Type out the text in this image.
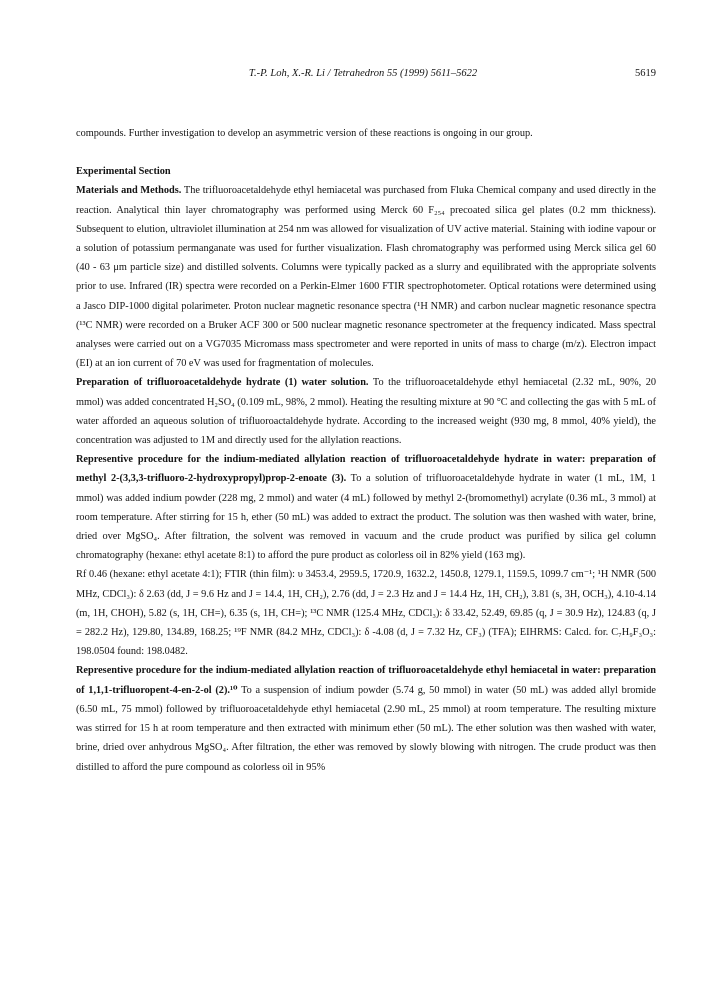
T.-P. Loh, X.-R. Li / Tetrahedron 55 (1999) 5611–5622	5619

compounds. Further investigation to develop an asymmetric version of these reactions is ongoing in our group.

Experimental Section

Materials and Methods. The trifluoroacetaldehyde ethyl hemiacetal was purchased from Fluka Chemical company and used directly in the reaction. Analytical thin layer chromatography was performed using Merck 60 F₂₅₄ precoated silica gel plates (0.2 mm thickness). Subsequent to elution, ultraviolet illumination at 254 nm was allowed for visualization of UV active material. Staining with iodine vapour or a solution of potassium permanganate was used for further visualization. Flash chromatography was performed using Merck silica gel 60 (40 - 63 μm particle size) and distilled solvents. Columns were typically packed as a slurry and equilibrated with the appropriate solvents prior to use. Infrared (IR) spectra were recorded on a Perkin-Elmer 1600 FTIR spectrophotometer. Optical rotations were determined using a Jasco DIP-1000 digital polarimeter. Proton nuclear magnetic resonance spectra (¹H NMR) and carbon nuclear magnetic resonance spectra (¹³C NMR) were recorded on a Bruker ACF 300 or 500 nuclear magnetic resonance spectrometer at the frequency indicated. Mass spectral analyses were carried out on a VG7035 Micromass mass spectrometer and were reported in units of mass to charge (m/z). Electron impact (EI) at an ion current of 70 eV was used for fragmentation of molecules.

Preparation of trifluoroacetaldehyde hydrate (1) water solution. To the trifluoroacetaldehyde ethyl hemiacetal (2.32 mL, 90%, 20 mmol) was added concentrated H₂SO₄ (0.109 mL, 98%, 2 mmol). Heating the resulting mixture at 90 °C and collecting the gas with 5 mL of water afforded an aqueous solution of trifluoroactaldehyde hydrate. According to the increased weight (930 mg, 8 mmol, 40% yield), the concentration was adjusted to 1M and directly used for the allylation reactions.

Representive procedure for the indium-mediated allylation reaction of trifluoroacetaldehyde hydrate in water: preparation of methyl 2-(3,3,3-trifluoro-2-hydroxypropyl)prop-2-enoate (3). To a solution of trifluoroacetaldehyde hydrate in water (1 mL, 1M, 1 mmol) was added indium powder (228 mg, 2 mmol) and water (4 mL) followed by methyl 2-(bromomethyl) acrylate (0.36 mL, 3 mmol) at room temperature. After stirring for 15 h, ether (50 mL) was added to extract the product. The solution was then washed with water, brine, dried over MgSO₄. After filtration, the solvent was removed in vacuum and the crude product was purified by silica gel column chromatography (hexane: ethyl acetate 8:1) to afford the pure product as colorless oil in 82% yield (163 mg).

Rf 0.46 (hexane: ethyl acetate 4:1); FTIR (thin film): υ 3453.4, 2959.5, 1720.9, 1632.2, 1450.8, 1279.1, 1159.5, 1099.7 cm⁻¹; ¹H NMR (500 MHz, CDCl₃): δ 2.63 (dd, J = 9.6 Hz and J = 14.4, 1H, CH₂), 2.76 (dd, J = 2.3 Hz and J = 14.4 Hz, 1H, CH₂), 3.81 (s, 3H, OCH₃), 4.10-4.14 (m, 1H, CHOH), 5.82 (s, 1H, CH=), 6.35 (s, 1H, CH=); ¹³C NMR (125.4 MHz, CDCl₃): δ 33.42, 52.49, 69.85 (q, J = 30.9 Hz), 124.83 (q, J = 282.2 Hz), 129.80, 134.89, 168.25; ¹⁹F NMR (84.2 MHz, CDCl₃): δ -4.08 (d, J = 7.32 Hz, CF₃) (TFA); EIHRMS: Calcd. for. C₇H₉F₃O₃: 198.0504 found: 198.0482.

Representive procedure for the indium-mediated allylation reaction of trifluoroacetaldehyde ethyl hemiacetal in water: preparation of 1,1,1-trifluoropent-4-en-2-ol (2).¹⁰ To a suspension of indium powder (5.74 g, 50 mmol) in water (50 mL) was added allyl bromide (6.50 mL, 75 mmol) followed by trifluoroacetaldehyde ethyl hemiacetal (2.90 mL, 25 mmol) at room temperature. The resulting mixture was stirred for 15 h at room temperature and then extracted with minimum ether (50 mL). The ether solution was then washed with water, brine, dried over anhydrous MgSO₄. After filtration, the ether was removed by slowly blowing with nitrogen. The crude product was then distilled to afford the pure compound as colorless oil in 95%
